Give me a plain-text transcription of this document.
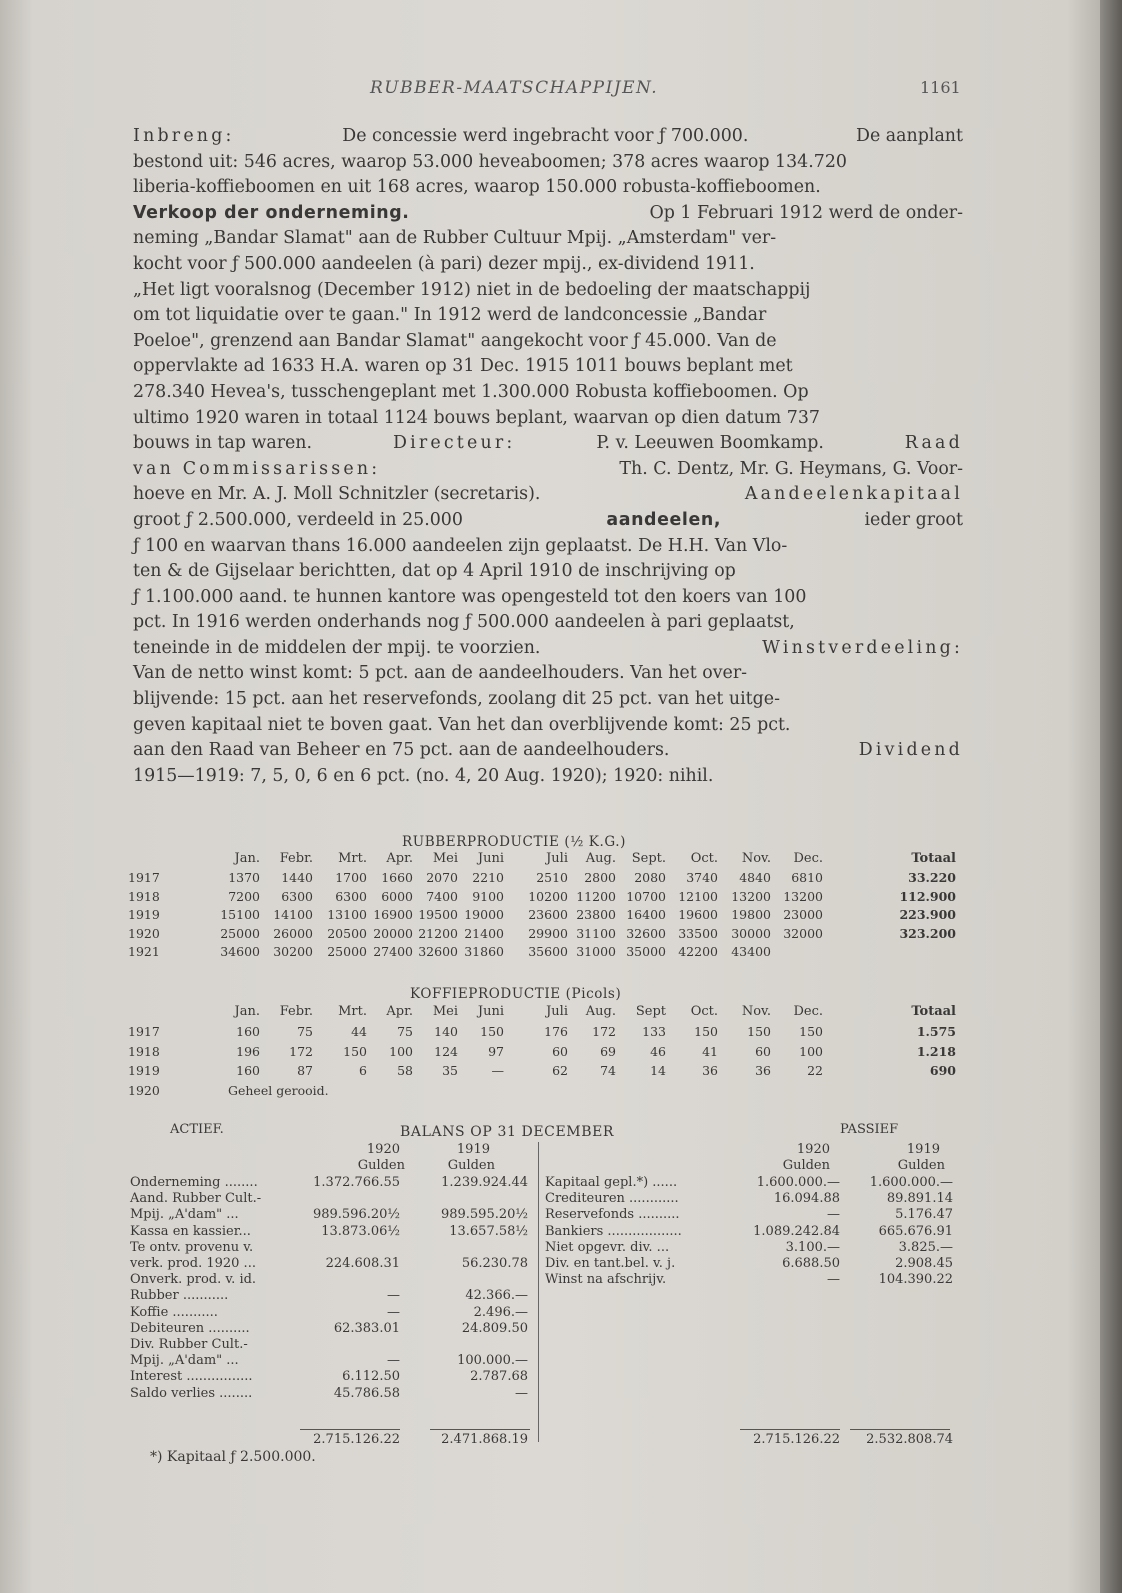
RUBBER-MAATSCHAPPIJEN.	1161
Inbreng:	De concessie werd ingebracht voor ƒ 700.000.	De aanplant
bestond uit: 546 acres, waarop 53.000 heveaboomen; 378 acres waarop 134.720
liberia-koffieboomen en uit 168 acres, waarop 150.000 robusta-koffieboomen.
Verkoop der onderneming.	Op 1 Februari 1912 werd de onder-
neming „Bandar Slamat" aan de Rubber Cultuur Mpij. „Amsterdam" ver-
kocht voor ƒ 500.000 aandeelen (à pari) dezer mpij., ex-dividend 1911.
„Het ligt vooralsnog (December 1912) niet in de bedoeling der maatschappij
om tot liquidatie over te gaan." In 1912 werd de landconcessie „Bandar
Poeloe", grenzend aan Bandar Slamat" aangekocht voor ƒ 45.000. Van de
oppervlakte ad 1633 H.A. waren op 31 Dec. 1915 1011 bouws beplant met
278.340 Hevea's, tusschengeplant met 1.300.000 Robusta koffieboomen. Op
ultimo 1920 waren in totaal 1124 bouws beplant, waarvan op dien datum 737
bouws in tap waren.	Directeur:	P. v. Leeuwen Boomkamp.	Raad
van Commissarissen:	Th. C. Dentz, Mr. G. Heymans, G. Voor-
hoeve en Mr. A. J. Moll Schnitzler (secretaris).	Aandeelenkapitaal
groot ƒ 2.500.000, verdeeld in 25.000	aandeelen,	ieder groot
ƒ 100 en waarvan thans 16.000 aandeelen zijn geplaatst. De H.H. Van Vlo-
ten & de Gijselaar berichtten, dat op 4 April 1910 de inschrijving op
ƒ 1.100.000 aand. te hunnen kantore was opengesteld tot den koers van 100
pct. In 1916 werden onderhands nog ƒ 500.000 aandeelen à pari geplaatst,
teneinde in de middelen der mpij. te voorzien.	Winstverdeeling:
Van de netto winst komt: 5 pct. aan de aandeelhouders. Van het over-
blijvende: 15 pct. aan het reservefonds, zoolang dit 25 pct. van het uitge-
geven kapitaal niet te boven gaat. Van het dan overblijvende komt: 25 pct.
aan den Raad van Beheer en 75 pct. aan de aandeelhouders.	Dividend
1915—1919: 7, 5, 0, 6 en 6 pct. (no. 4, 20 Aug. 1920); 1920: nihil.
RUBBERPRODUCTIE (½ K.G.)
Jan.	Febr.	Mrt.	Apr.	Mei	Juni	Juli	Aug.	Sept.	Oct.	Nov.	Dec.	Totaal
1917	1370	1440	1700	1660	2070	2210	2510	2800	2080	3740	4840	6810	33.220
1918	7200	6300	6300	6000	7400	9100	10200 11200 10700 12100	13200 13200	112.900
1919	15100	14100	13100 16900 19500 19000	23600 23800 16400 19600	19800 23000	223.900
1920	25000	26000	20500 20000 21200 21400	29900 31100 32600 33500	30000 32000	323.200
1921	34600	30200	25000 27400 32600 31860	35600 31000 35000 42200	43400
KOFFIEPRODUCTIE (Picols)
Jan.	Febr.	Mrt.	Apr.	Mei	Juni	Juli	Aug.	Sept	Oct.	Nov.	Dec.	Totaal
1917	160	75	44	75	140	150	176	172	133	150	150	150	1.575
1918	196	172	150	100	124	97	60	69	46	41	60	100	1.218
1919	160	87	6	58	35	—	62	74	14	36	36	22	690
1920	Geheel gerooid.
ACTIEF.	BALANS OP 31 DECEMBER	PASSIEF
1920	1919
Gulden	Gulden
1920	1919
Gulden	Gulden
Onderneming ........	1.372.766.55	1.239.924.44
Aand. Rubber Cult.-
Mpij. „A'dam" ...	989.596.20½	989.595.20½
Kassa en kassier...	13.873.06½	13.657.58½
Te ontv. provenu v.
verk. prod. 1920 ...	224.608.31	56.230.78
Onverk. prod. v. id.
Rubber ...........	—	42.366.—
Koffie ...........	—	2.496.—
Debiteuren ..........	62.383.01	24.809.50
Div. Rubber Cult.-
Mpij. „A'dam" ...	—	100.000.—
Interest ................	6.112.50	2.787.68
Saldo verlies ........	45.786.58	—
Kapitaal gepl.*) ......	1.600.000.—	1.600.000.—
Crediteuren ............	16.094.88	89.891.14
Reservefonds ..........	—	5.176.47
Bankiers ..................	1.089.242.84	665.676.91
Niet opgevr. div. ...	3.100.—	3.825.—
Div. en tant.bel. v. j.	6.688.50	2.908.45
Winst na afschrijv.	—	104.390.22
2.715.126.22	2.471.868.19	2.715.126.22	2.532.808.74
*) Kapitaal ƒ 2.500.000.
